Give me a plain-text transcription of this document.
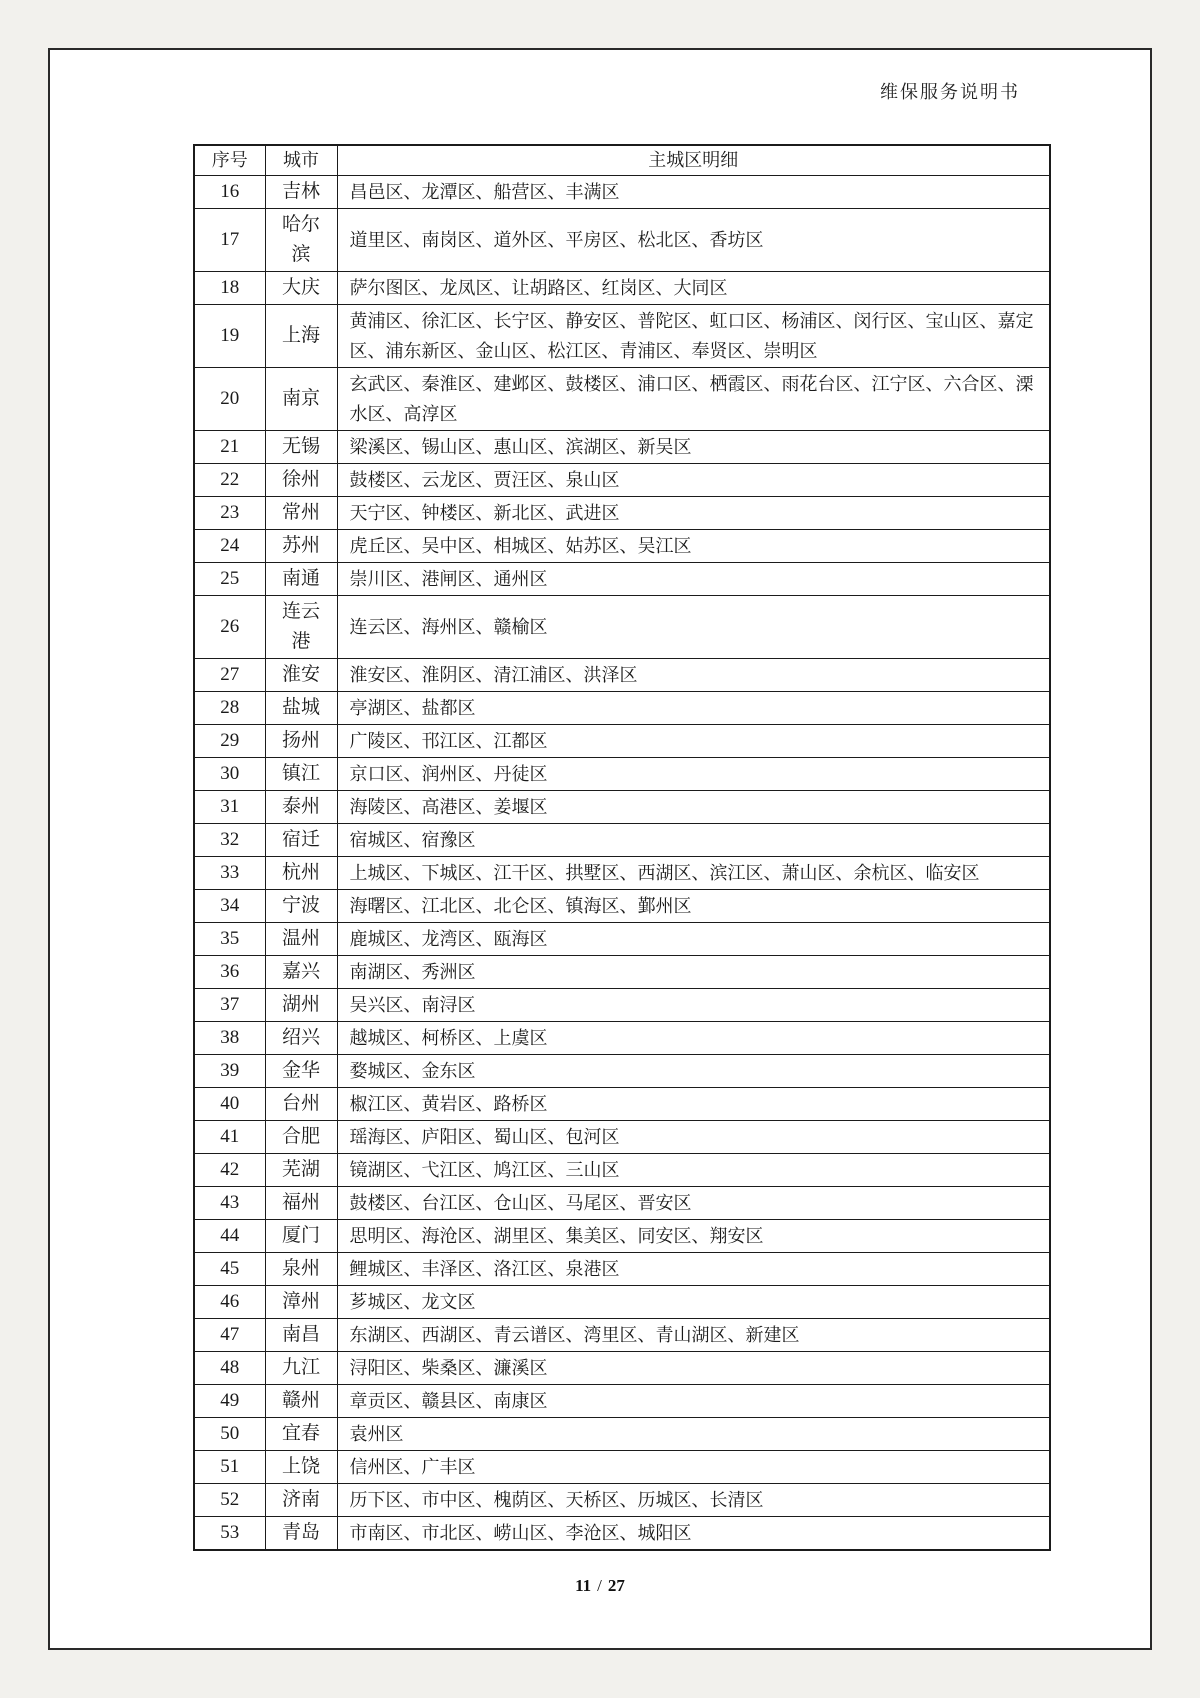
维保服务说明书
序号	城市	主城区明细
16	吉林	昌邑区、龙潭区、船营区、丰满区
17	哈尔滨	道里区、南岗区、道外区、平房区、松北区、香坊区
18	大庆	萨尔图区、龙凤区、让胡路区、红岗区、大同区
19	上海	黄浦区、徐汇区、长宁区、静安区、普陀区、虹口区、杨浦区、闵行区、宝山区、嘉定区、浦东新区、金山区、松江区、青浦区、奉贤区、崇明区
20	南京	玄武区、秦淮区、建邺区、鼓楼区、浦口区、栖霞区、雨花台区、江宁区、六合区、溧水区、高淳区
21	无锡	梁溪区、锡山区、惠山区、滨湖区、新吴区
22	徐州	鼓楼区、云龙区、贾汪区、泉山区
23	常州	天宁区、钟楼区、新北区、武进区
24	苏州	虎丘区、吴中区、相城区、姑苏区、吴江区
25	南通	崇川区、港闸区、通州区
26	连云港	连云区、海州区、赣榆区
27	淮安	淮安区、淮阴区、清江浦区、洪泽区
28	盐城	亭湖区、盐都区
29	扬州	广陵区、邗江区、江都区
30	镇江	京口区、润州区、丹徒区
31	泰州	海陵区、高港区、姜堰区
32	宿迁	宿城区、宿豫区
33	杭州	上城区、下城区、江干区、拱墅区、西湖区、滨江区、萧山区、余杭区、临安区
34	宁波	海曙区、江北区、北仑区、镇海区、鄞州区
35	温州	鹿城区、龙湾区、瓯海区
36	嘉兴	南湖区、秀洲区
37	湖州	吴兴区、南浔区
38	绍兴	越城区、柯桥区、上虞区
39	金华	婺城区、金东区
40	台州	椒江区、黄岩区、路桥区
41	合肥	瑶海区、庐阳区、蜀山区、包河区
42	芜湖	镜湖区、弋江区、鸠江区、三山区
43	福州	鼓楼区、台江区、仓山区、马尾区、晋安区
44	厦门	思明区、海沧区、湖里区、集美区、同安区、翔安区
45	泉州	鲤城区、丰泽区、洛江区、泉港区
46	漳州	芗城区、龙文区
47	南昌	东湖区、西湖区、青云谱区、湾里区、青山湖区、新建区
48	九江	浔阳区、柴桑区、濂溪区
49	赣州	章贡区、赣县区、南康区
50	宜春	袁州区
51	上饶	信州区、广丰区
52	济南	历下区、市中区、槐荫区、天桥区、历城区、长清区
53	青岛	市南区、市北区、崂山区、李沧区、城阳区
11 / 27
